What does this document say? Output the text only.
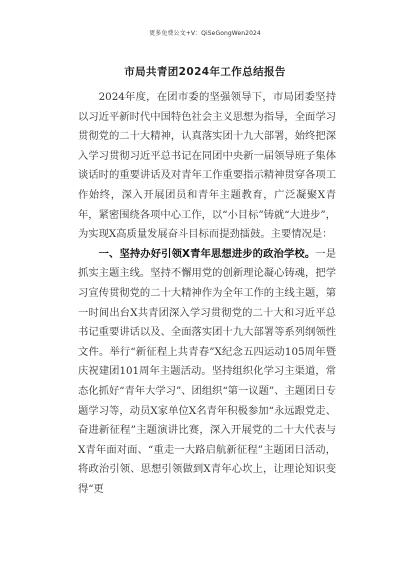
更多免费公文+V：QiSeGongWen2024
市局共青团2024年工作总结报告

2024年度，在团市委的坚强领导下，市局团委坚持以习近平新时代中国特色社会主义思想为指导，全面学习贯彻党的二十大精神，认真落实团十九大部署，始终把深入学习贯彻习近平总书记在同团中央新一届领导班子集体谈话时的重要讲话及对青年工作重要指示精神贯穿各项工作始终，深入开展团员和青年主题教育，广泛凝聚X青年，紧密围绕各项中心工作，以“小目标”铸就“大进步”，为实现X高质量发展奋斗目标而提劲擂鼓。主要情况是：

一、坚持办好引领X青年思想进步的政治学校。一是抓实主题主线。坚持不懈用党的创新理论凝心铸魂，把学习宣传贯彻党的二十大精神作为全年工作的主线主题，第一时间出台X共青团深入学习贯彻党的二十大和习近平总书记重要讲话以及、全面落实团十九大部署等系列纲领性文件。举行“新征程上共青春”X纪念五四运动105周年暨庆祝建团101周年主题活动。坚持组织化学习主渠道，常态化抓好“青年大学习”、团组织“第一议题”、主题团日专题学习等，动员X家单位X名青年积极参加“永远跟党走、奋进新征程”主题演讲比赛，深入开展党的二十大代表与X青年面对面、“重走一大路启航新征程”主题团日活动，将政治引领、思想引领做到X青年心坎上，让理论知识变得“更
